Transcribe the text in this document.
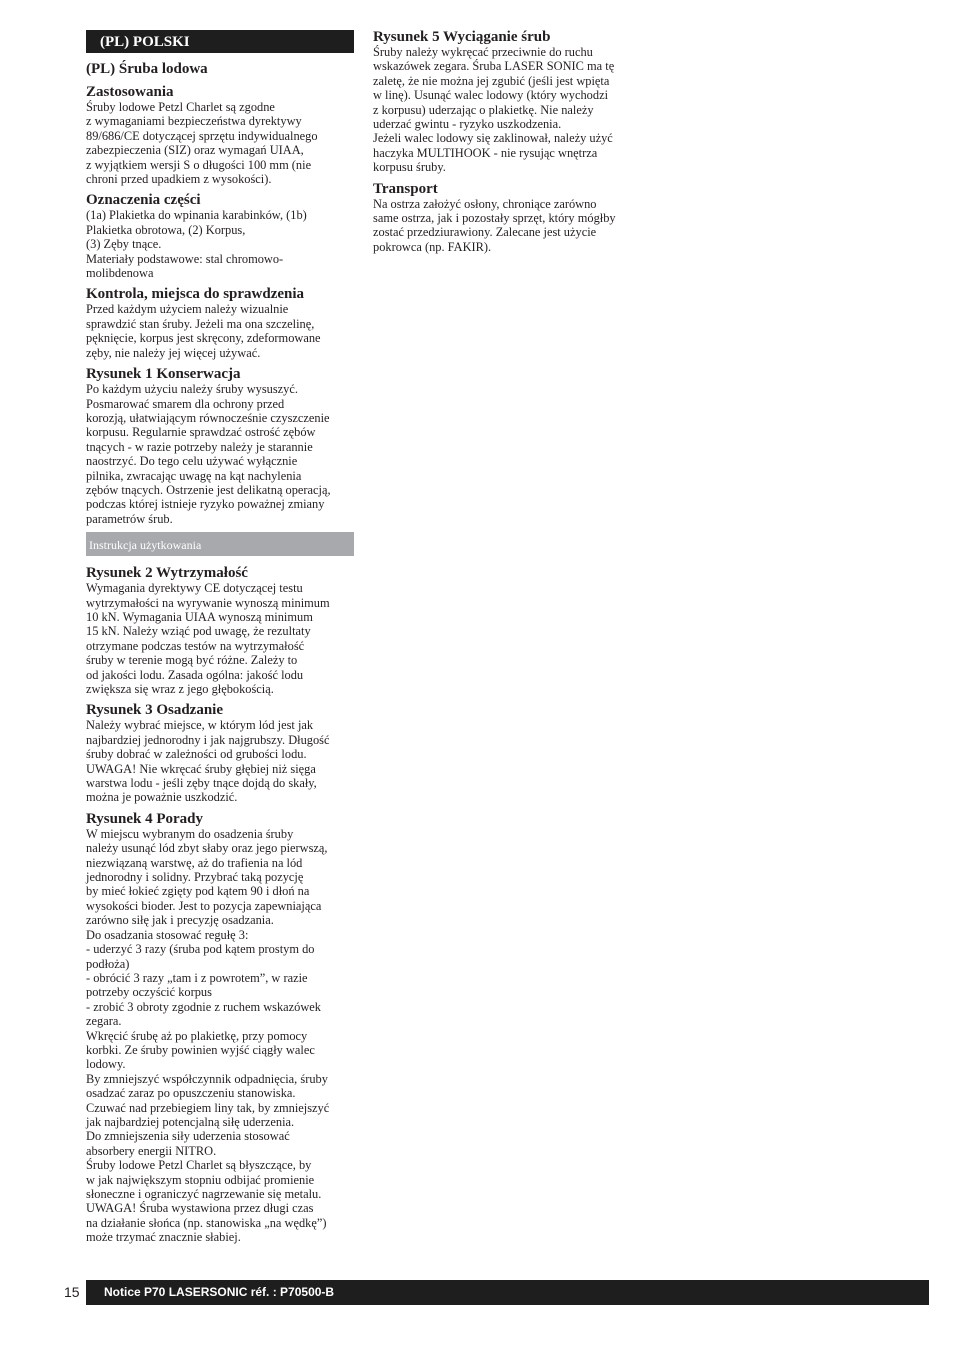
(PL) POLSKI
(PL) Śruba lodowa
Zastosowania

Śruby lodowe Petzl Charlet są zgodne
z wymaganiami bezpieczeństwa dyrektywy
89/686/CE dotyczącej sprzętu indywidualnego
zabezpieczenia (SIZ) oraz wymagań UIAA,
z wyjątkiem wersji S o długości 100 mm (nie
chroni przed upadkiem z wysokości).

Oznaczenia części

(1a) Plakietka do wpinania karabinków, (1b)
Plakietka obrotowa, (2) Korpus,
(3) Zęby tnące.
Materiały podstawowe: stal chromowo-
molibdenowa

Kontrola, miejsca do sprawdzenia

Przed każdym użyciem należy wizualnie
sprawdzić stan śruby. Jeżeli ma ona szczelinę,
pęknięcie, korpus jest skręcony, zdeformowane
zęby, nie należy jej więcej używać.

Rysunek 1 Konserwacja

Po każdym użyciu należy śruby wysuszyć.
Posmarować smarem dla ochrony przed
korozją, ułatwiającym równocześnie czyszczenie
korpusu. Regularnie sprawdzać ostrość zębów
tnących - w razie potrzeby należy je starannie
naostrzyć. Do tego celu używać wyłącznie
pilnika, zwracając uwagę na kąt nachylenia
zębów tnących. Ostrzenie jest delikatną operacją,
podczas której istnieje ryzyko poważnej zmiany
parametrów śrub.

Instrukcja użytkowania
Rysunek 2 Wytrzymałość

Wymagania dyrektywy CE dotyczącej testu
wytrzymałości na wyrywanie wynoszą minimum
10 kN. Wymagania UIAA wynoszą minimum
15 kN. Należy wziąć pod uwagę, że rezultaty
otrzymane podczas testów na wytrzymałość
śruby w terenie mogą być różne. Zależy to
od jakości lodu. Zasada ogólna: jakość lodu
zwiększa się wraz z jego głębokością.

Rysunek 3 Osadzanie

Należy wybrać miejsce, w którym lód jest jak
najbardziej jednorodny i jak najgrubszy. Długość
śruby dobrać w zależności od grubości lodu.
UWAGA! Nie wkręcać śruby głębiej niż sięga
warstwa lodu - jeśli zęby tnące dojdą do skały,
można je poważnie uszkodzić.

Rysunek 4 Porady

W miejscu wybranym do osadzenia śruby
należy usunąć lód zbyt słaby oraz jego pierwszą,
niezwiązaną warstwę, aż do trafienia na lód
jednorodny i solidny. Przybrać taką pozycję
by mieć łokieć zgięty pod kątem 90 i dłoń na
wysokości bioder. Jest to pozycja zapewniająca
zarówno siłę jak i precyzję osadzania.
Do osadzania stosować regułę 3:
- uderzyć 3 razy (śruba pod kątem prostym do
podłoża)
- obrócić 3 razy „tam i z powrotem”, w razie
potrzeby oczyścić korpus
- zrobić 3 obroty zgodnie z ruchem wskazówek
zegara.
Wkręcić śrubę aż po plakietkę, przy pomocy
korbki. Ze śruby powinien wyjść ciągły walec
lodowy.
By zmniejszyć współczynnik odpadnięcia, śruby
osadzać zaraz po opuszczeniu stanowiska.
Czuwać nad przebiegiem liny tak, by zmniejszyć
jak najbardziej potencjalną siłę uderzenia.
Do zmniejszenia siły uderzenia stosować
absorbery energii NITRO.
Śruby lodowe Petzl Charlet są błyszczące, by
w jak największym stopniu odbijać promienie
słoneczne i ograniczyć nagrzewanie się metalu.
UWAGA! Śruba wystawiona przez długi czas
na działanie słońca (np. stanowiska „na wędkę”)
może trzymać znacznie słabiej.

Rysunek 5 Wyciąganie śrub

Śruby należy wykręcać przeciwnie do ruchu
wskazówek zegara. Śruba LASER SONIC ma tę
zaletę, że nie można jej zgubić (jeśli jest wpięta
w linę). Usunąć walec lodowy (który wychodzi
z korpusu) uderzając o plakietkę. Nie należy
uderzać gwintu - ryzyko uszkodzenia.
Jeżeli walec lodowy się zaklinował, należy użyć
haczyka MULTIHOOK - nie rysując wnętrza
korpusu śruby.

Transport

Na ostrza założyć osłony, chroniące zarówno
same ostrza, jak i pozostały sprzęt, który mógłby
zostać przedziurawiony. Zalecane jest użycie
pokrowca (np. FAKIR).

15	Notice P70 LASERSONIC réf. : P70500-B
